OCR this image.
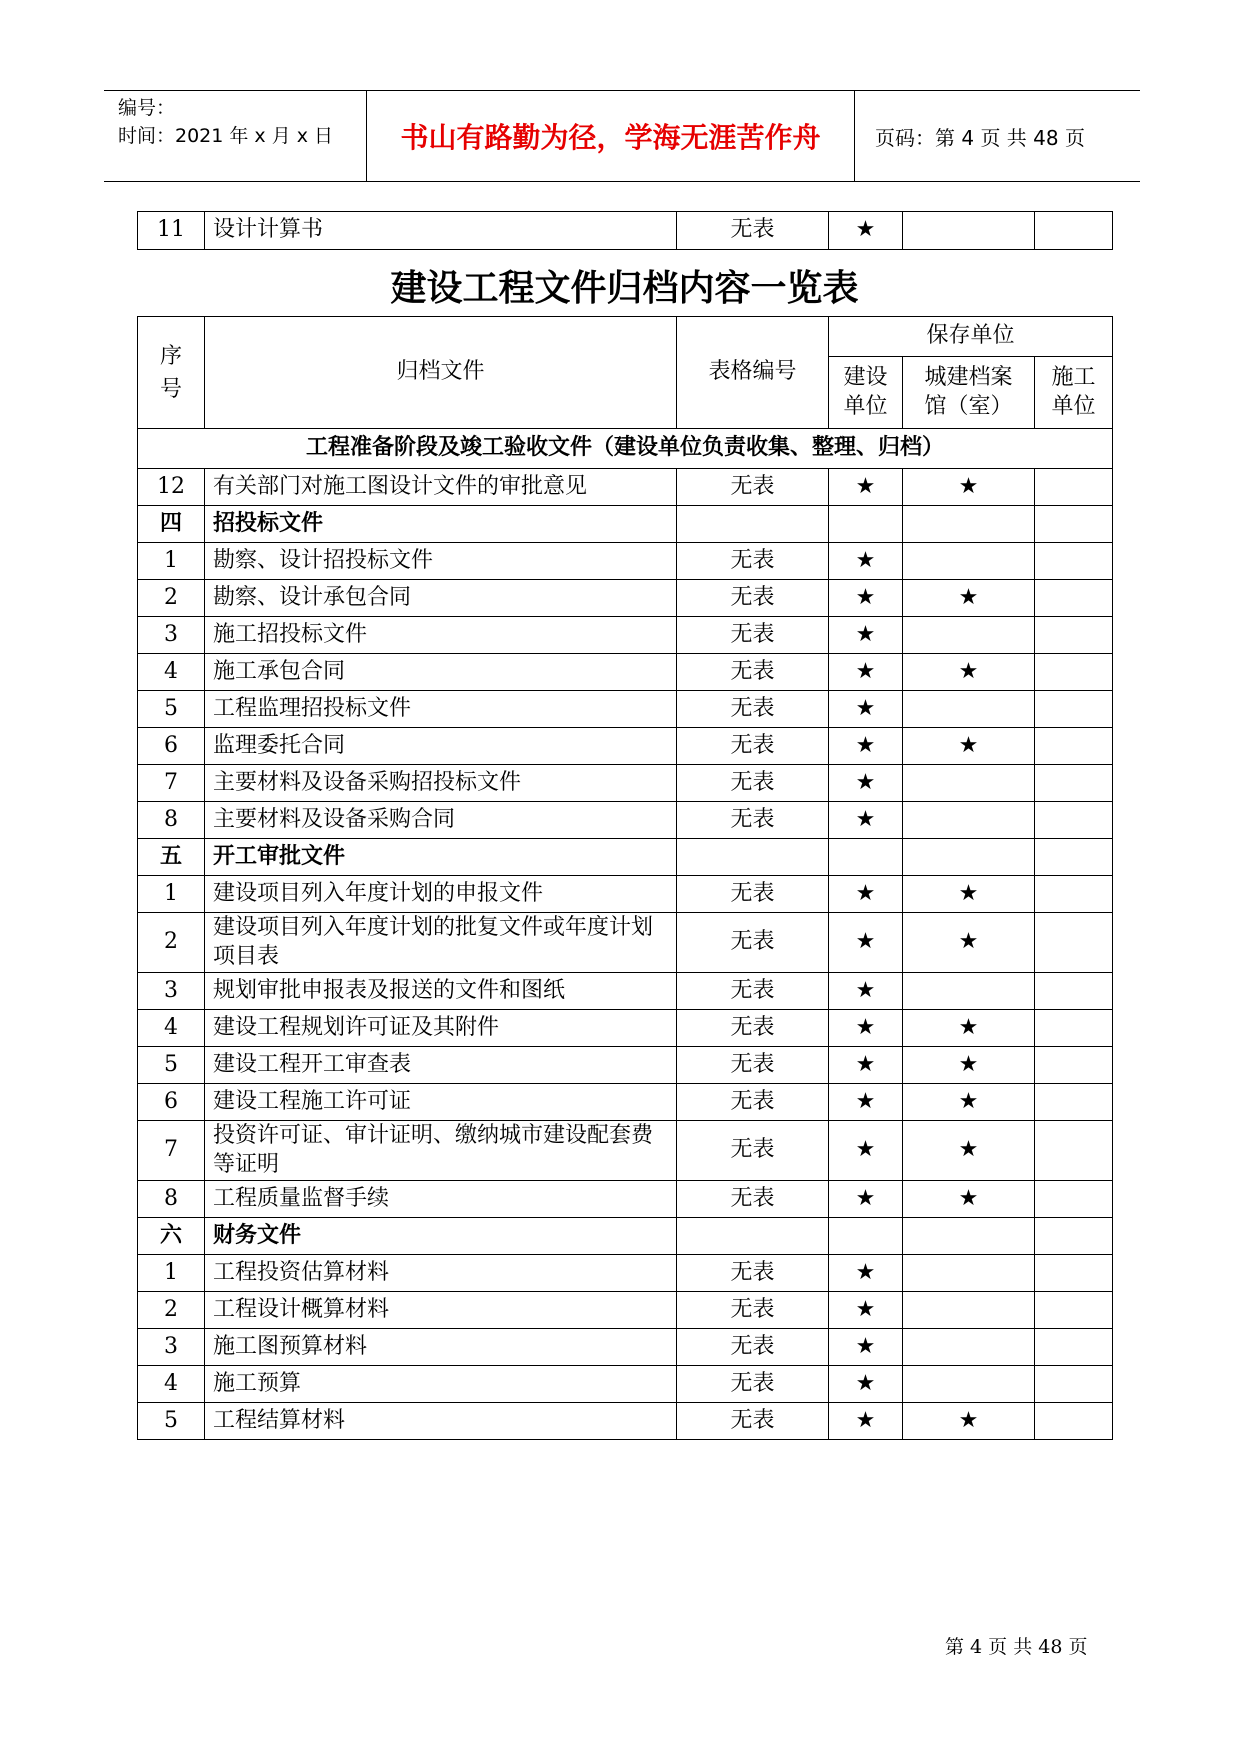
编号：
时间：2021 年 x 月 x 日	书山有路勤为径，学海无涯苦作舟	页码：第 4 页 共 48 页
11	设计计算书	无表	★		
建设工程文件归档内容一览表
序号	归档文件	表格编号	保存单位		

			建设单位	城建档案馆（室）	施工单位

工程准备阶段及竣工验收文件（建设单位负责收集、整理、归档）					
12	有关部门对施工图设计文件的审批意见	无表	★	★	
四	招投标文件				
1	勘察、设计招投标文件	无表	★		
2	勘察、设计承包合同	无表	★	★	
3	施工招投标文件	无表	★		
4	施工承包合同	无表	★	★	
5	工程监理招投标文件	无表	★		
6	监理委托合同	无表	★	★	
7	主要材料及设备采购招投标文件	无表	★		
8	主要材料及设备采购合同	无表	★		
五	开工审批文件				
1	建设项目列入年度计划的申报文件	无表	★	★	
2	建设项目列入年度计划的批复文件或年度计划项目表	无表	★	★	
3	规划审批申报表及报送的文件和图纸	无表	★		
4	建设工程规划许可证及其附件	无表	★	★	
5	建设工程开工审查表	无表	★	★	
6	建设工程施工许可证	无表	★	★	
7	投资许可证、审计证明、缴纳城市建设配套费等证明	无表	★	★	
8	工程质量监督手续	无表	★	★	
六	财务文件				
1	工程投资估算材料	无表	★		
2	工程设计概算材料	无表	★		
3	施工图预算材料	无表	★		
4	施工预算	无表	★		
5	工程结算材料	无表	★	★	
第 4 页 共 48 页
